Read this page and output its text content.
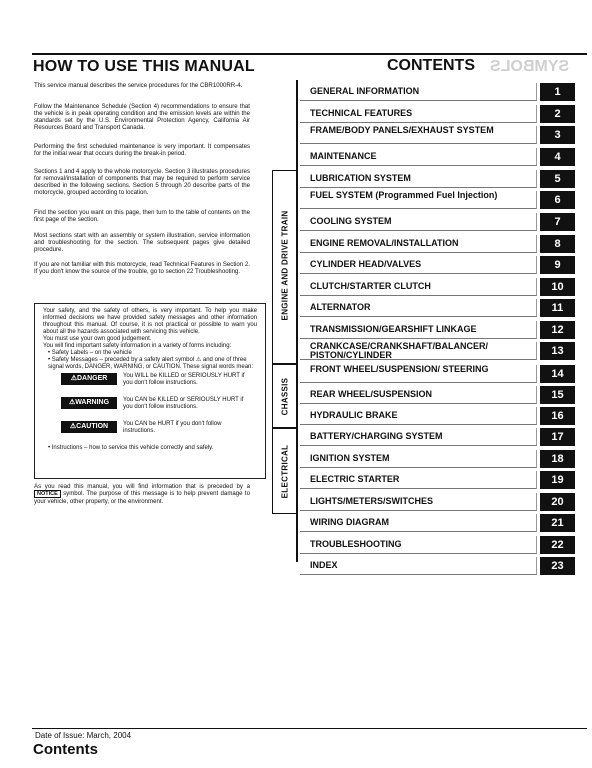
HOW TO USE THIS MANUAL	CONTENTS SYMBOLS
This service manual describes the service procedures for the CBR1000RR-4.
Follow the Maintenance Schedule (Section 4) recommendations to ensure that the vehicle is in peak operating condition and the emission levels are within the standards set by the U.S. Environmental Protection Agency, California Air Resources Board and Transport Canada.
Performing the first scheduled maintenance is very important. It compensates for the initial wear that occurs during the break-in period.
Sections 1 and 4 apply to the whole motorcycle. Section 3 illustrates procedures for removal/installation of components that may be required to perform service described in the following sections. Section 5 through 20 describe parts of the motorcycle, grouped according to location.
Find the section you want on this page, then turn to the table of contents on the first page of the section.
Most sections start with an assembly or system illustration, service information and troubleshooting for the section. The subsequent pages give detailed procedure.
If you are not familiar with this motorcycle, read Technical Features in Section 2. If you don't know the source of the trouble, go to section 22 Troubleshooting.

Your safety, and the safety of others, is very important. To help you make informed decisions we have provided safety messages and other information throughout this manual. Of course, it is not practical or possible to warn you about all the hazards associated with servicing this vehicle.

You must use your own good judgement.

You will find important safety information in a variety of forms including:

• Safety Labels – on the vehicle

• Safety Messages – preceded by a safety alert symbol ⚠ and one of three signal words, DANGER, WARNING, or CAUTION. These signal words mean:

⚠DANGER	You WILL be KILLED or SERIOUSLY HURT if you don't follow instructions.
⚠WARNING	You CAN be KILLED or SERIOUSLY HURT if you don't follow instructions.
⚠CAUTION	You CAN be HURT if you don't follow instructions.

• Instructions – how to service this vehicle correctly and safely.

As you read this manual, you will find information that is preceded by a NOTICE symbol. The purpose of this message is to help prevent damage to your vehicle, other property, or the environment.
ENGINE AND DRIVE TRAIN
CHASSIS
ELECTRICAL
GENERAL INFORMATION	1
TECHNICAL FEATURES	2
FRAME/BODY PANELS/EXHAUST SYSTEM	3
MAINTENANCE	4
LUBRICATION SYSTEM	5
FUEL SYSTEM (Programmed Fuel Injection)	6
COOLING SYSTEM	7
ENGINE REMOVAL/INSTALLATION	8
CYLINDER HEAD/VALVES	9
CLUTCH/STARTER CLUTCH	10
ALTERNATOR	11
TRANSMISSION/GEARSHIFT LINKAGE	12
CRANKCASE/CRANKSHAFT/BALANCER/ PISTON/CYLINDER	13
FRONT WHEEL/SUSPENSION/ STEERING	14
REAR WHEEL/SUSPENSION	15
HYDRAULIC BRAKE	16
BATTERY/CHARGING SYSTEM	17
IGNITION SYSTEM	18
ELECTRIC STARTER	19
LIGHTS/METERS/SWITCHES	20
WIRING DIAGRAM	21
TROUBLESHOOTING	22
INDEX	23
Date of Issue: March, 2004
Contents
